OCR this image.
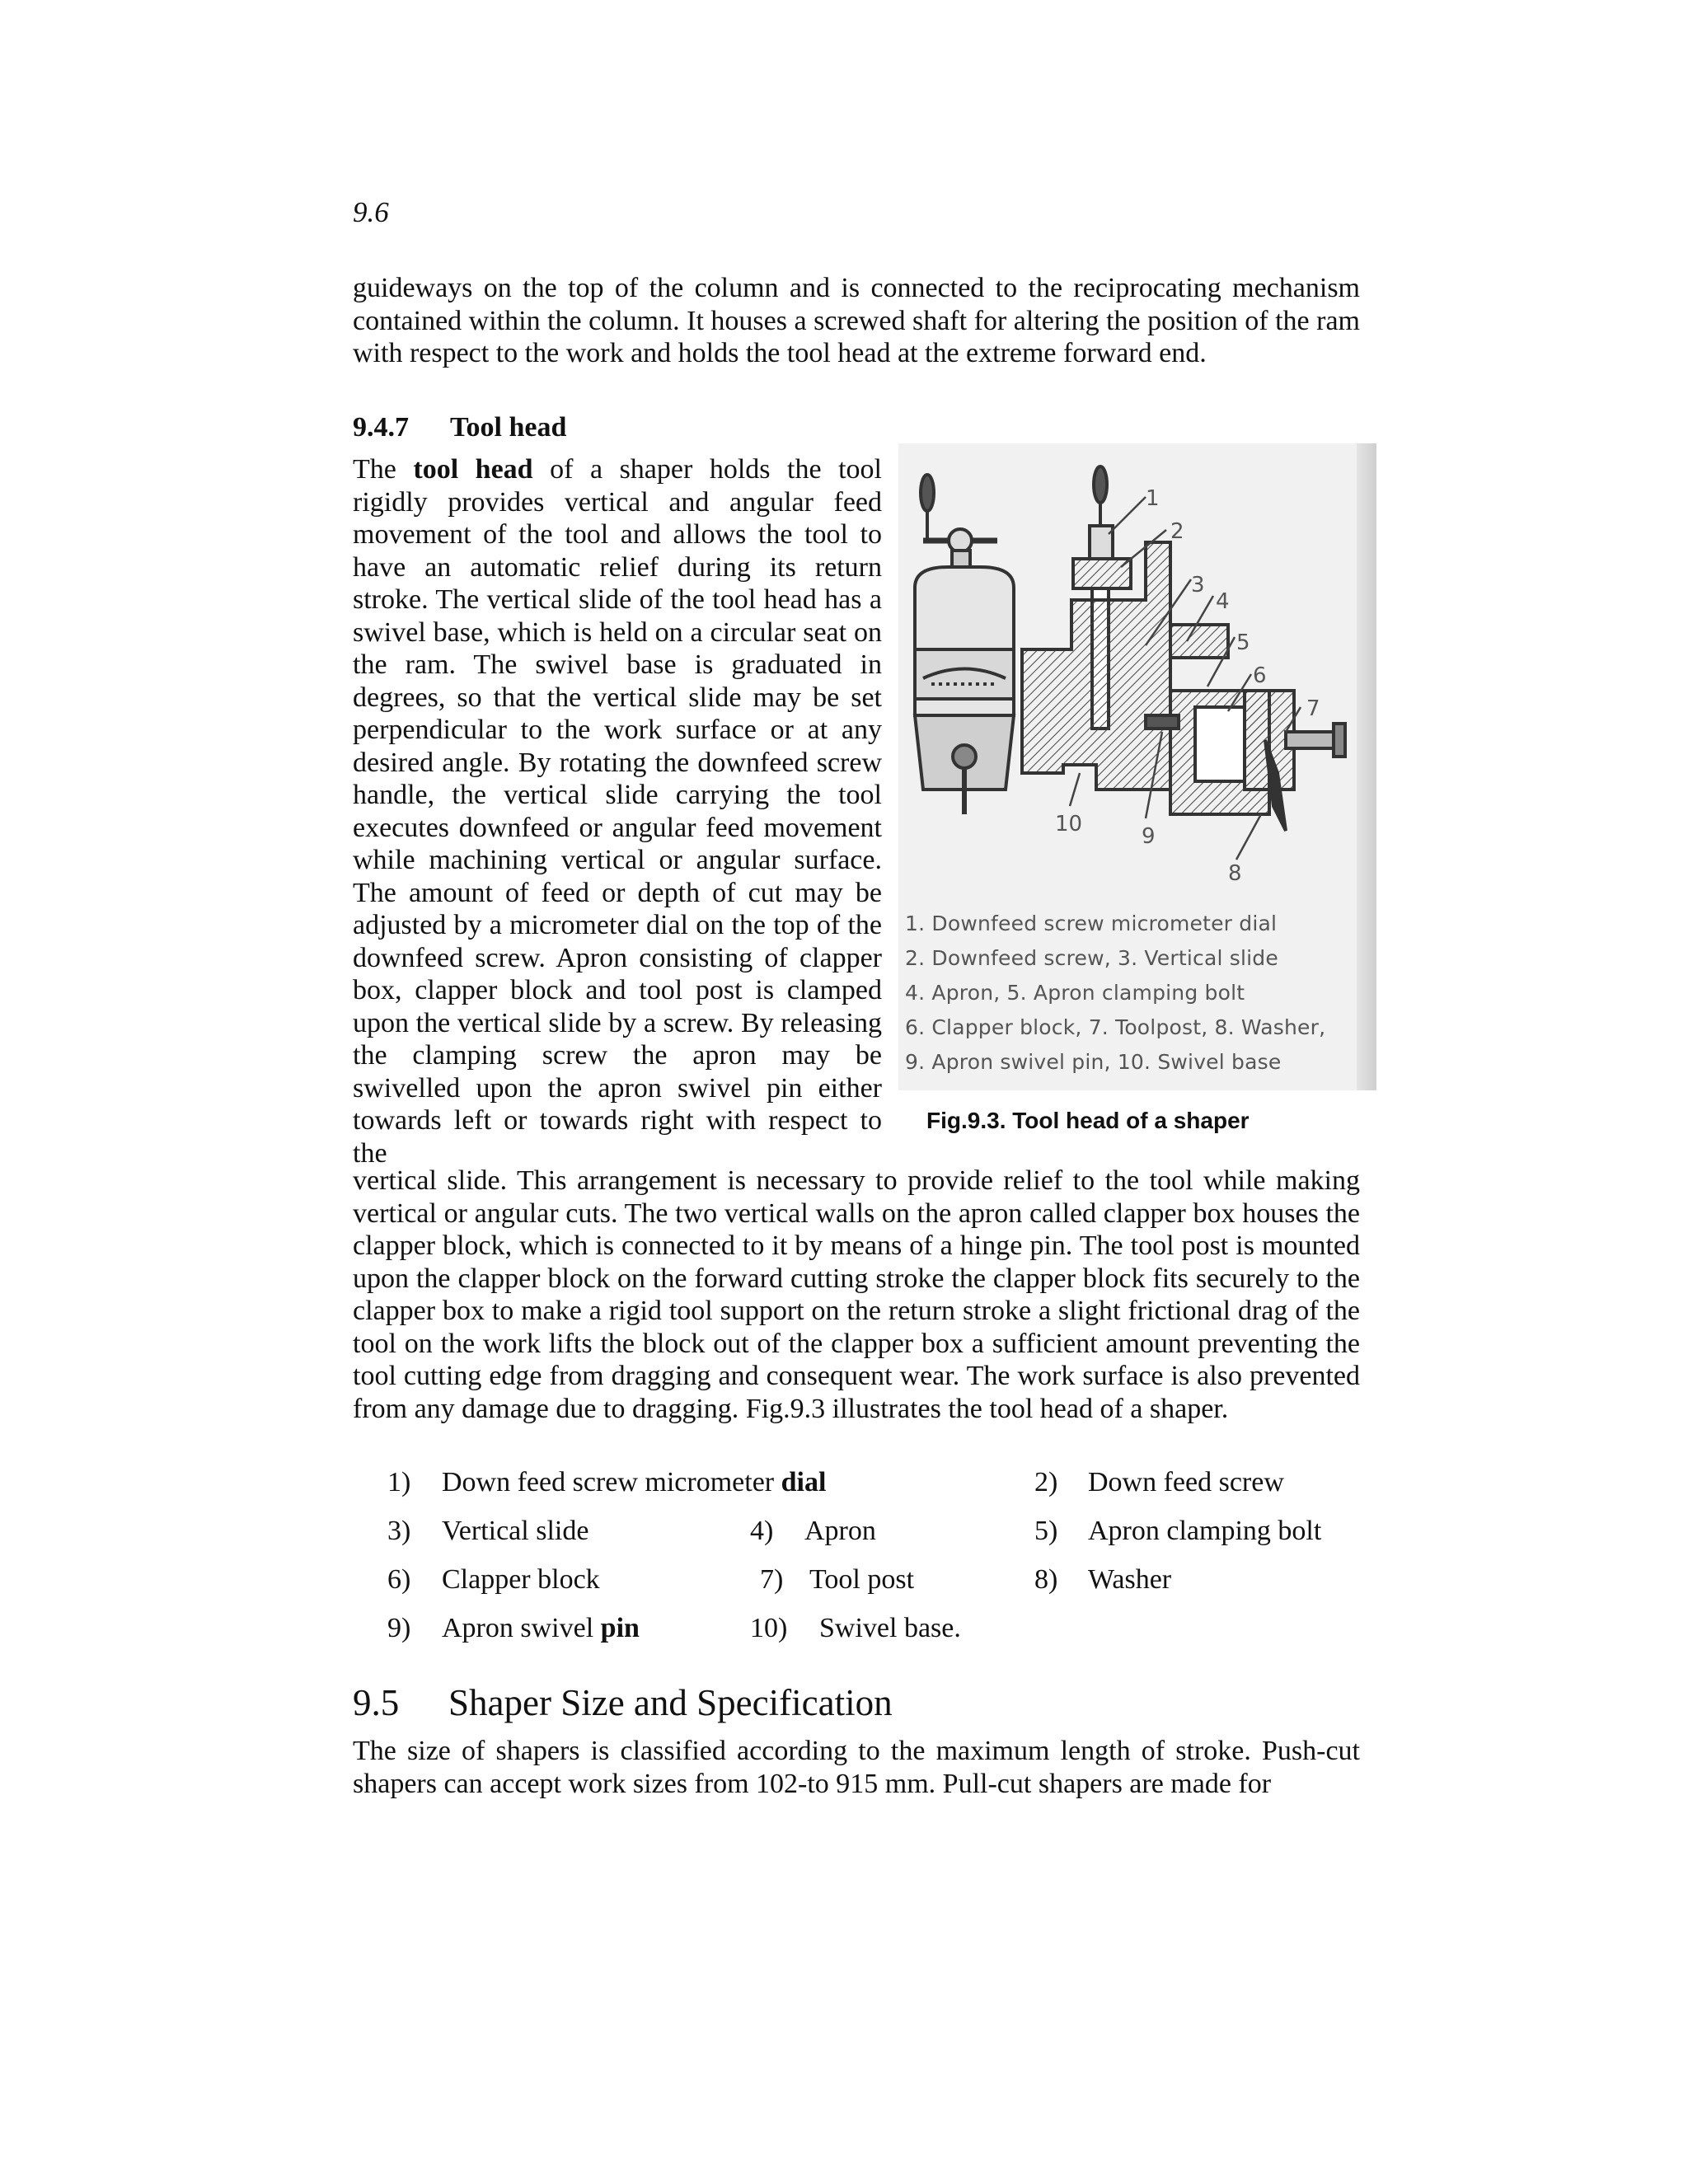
9.6

guideways on the top of the column and is connected to the reciprocating mechanism contained within the column. It houses a screwed shaft for altering the position of the ram with respect to the work and holds the tool head at the extreme forward end.

9.4.7 Tool head

The tool head of a shaper holds the tool rigidly provides vertical and angular feed movement of the tool and allows the tool to have an automatic relief during its return stroke. The vertical slide of the tool head has a swivel base, which is held on a circular seat on the ram. The swivel base is graduated in degrees, so that the vertical slide may be set perpendicular to the work surface or at any desired angle. By rotating the downfeed screw handle, the vertical slide carrying the tool executes downfeed or angular feed movement while machining vertical or angular surface. The amount of feed or depth of cut may be adjusted by a micrometer dial on the top of the downfeed screw. Apron consisting of clapper box, clapper block and tool post is clamped upon the vertical slide by a screw. By releasing the clamping screw the apron may be swivelled upon the apron swivel pin either towards left or towards right with respect to the

1
2
3
4
5
6
7
10	9
8
1. Downfeed screw micrometer dial
2. Downfeed screw, 3. Vertical slide
4. Apron, 5. Apron clamping bolt
6. Clapper block, 7. Toolpost, 8. Washer,
9. Apron swivel pin, 10. Swivel base
Fig.9.3. Tool head of a shaper

vertical slide. This arrangement is necessary to provide relief to the tool while making vertical or angular cuts. The two vertical walls on the apron called clapper box houses the clapper block, which is connected to it by means of a hinge pin. The tool post is mounted upon the clapper block on the forward cutting stroke the clapper block fits securely to the clapper box to make a rigid tool support on the return stroke a slight frictional drag of the tool on the work lifts the block out of the clapper box a sufficient amount preventing the tool cutting edge from dragging and consequent wear. The work surface is also prevented from any damage due to dragging. Fig.9.3 illustrates the tool head of a shaper.

1) Down feed screw micrometer dial	2) Down feed screw
3) Vertical slide	4) Apron	5) Apron clamping bolt
6) Clapper block	7) Tool post	8) Washer
9) Apron swivel pin	10) Swivel base.
9.5 Shaper Size and Specification

The size of shapers is classified according to the maximum length of stroke. Push-cut shapers can accept work sizes from 102-to 915 mm. Pull-cut shapers are made for
